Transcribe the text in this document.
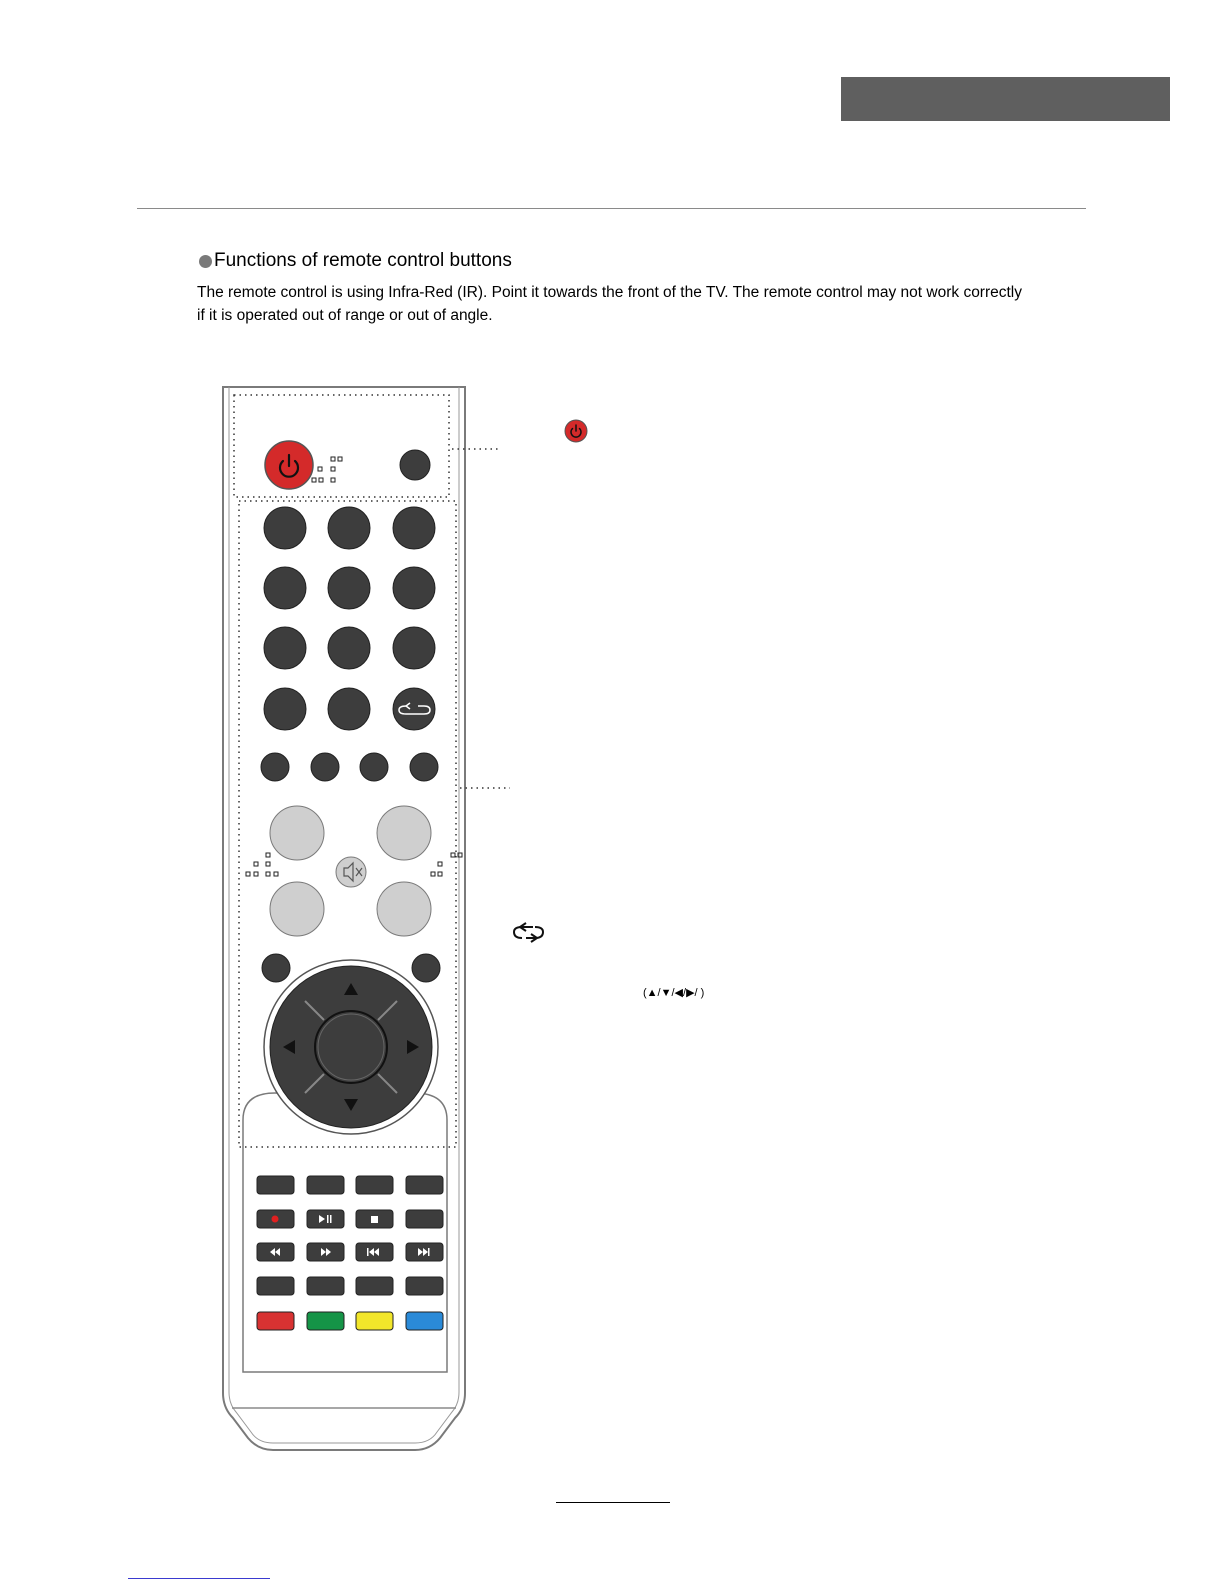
Functions of remote control buttons
The remote control is using Infra-Red (IR). Point it towards the front of the TV. The remote control may not work correctly if it is operated out of range or out of angle.
(▲/▼/◀/▶/ )
